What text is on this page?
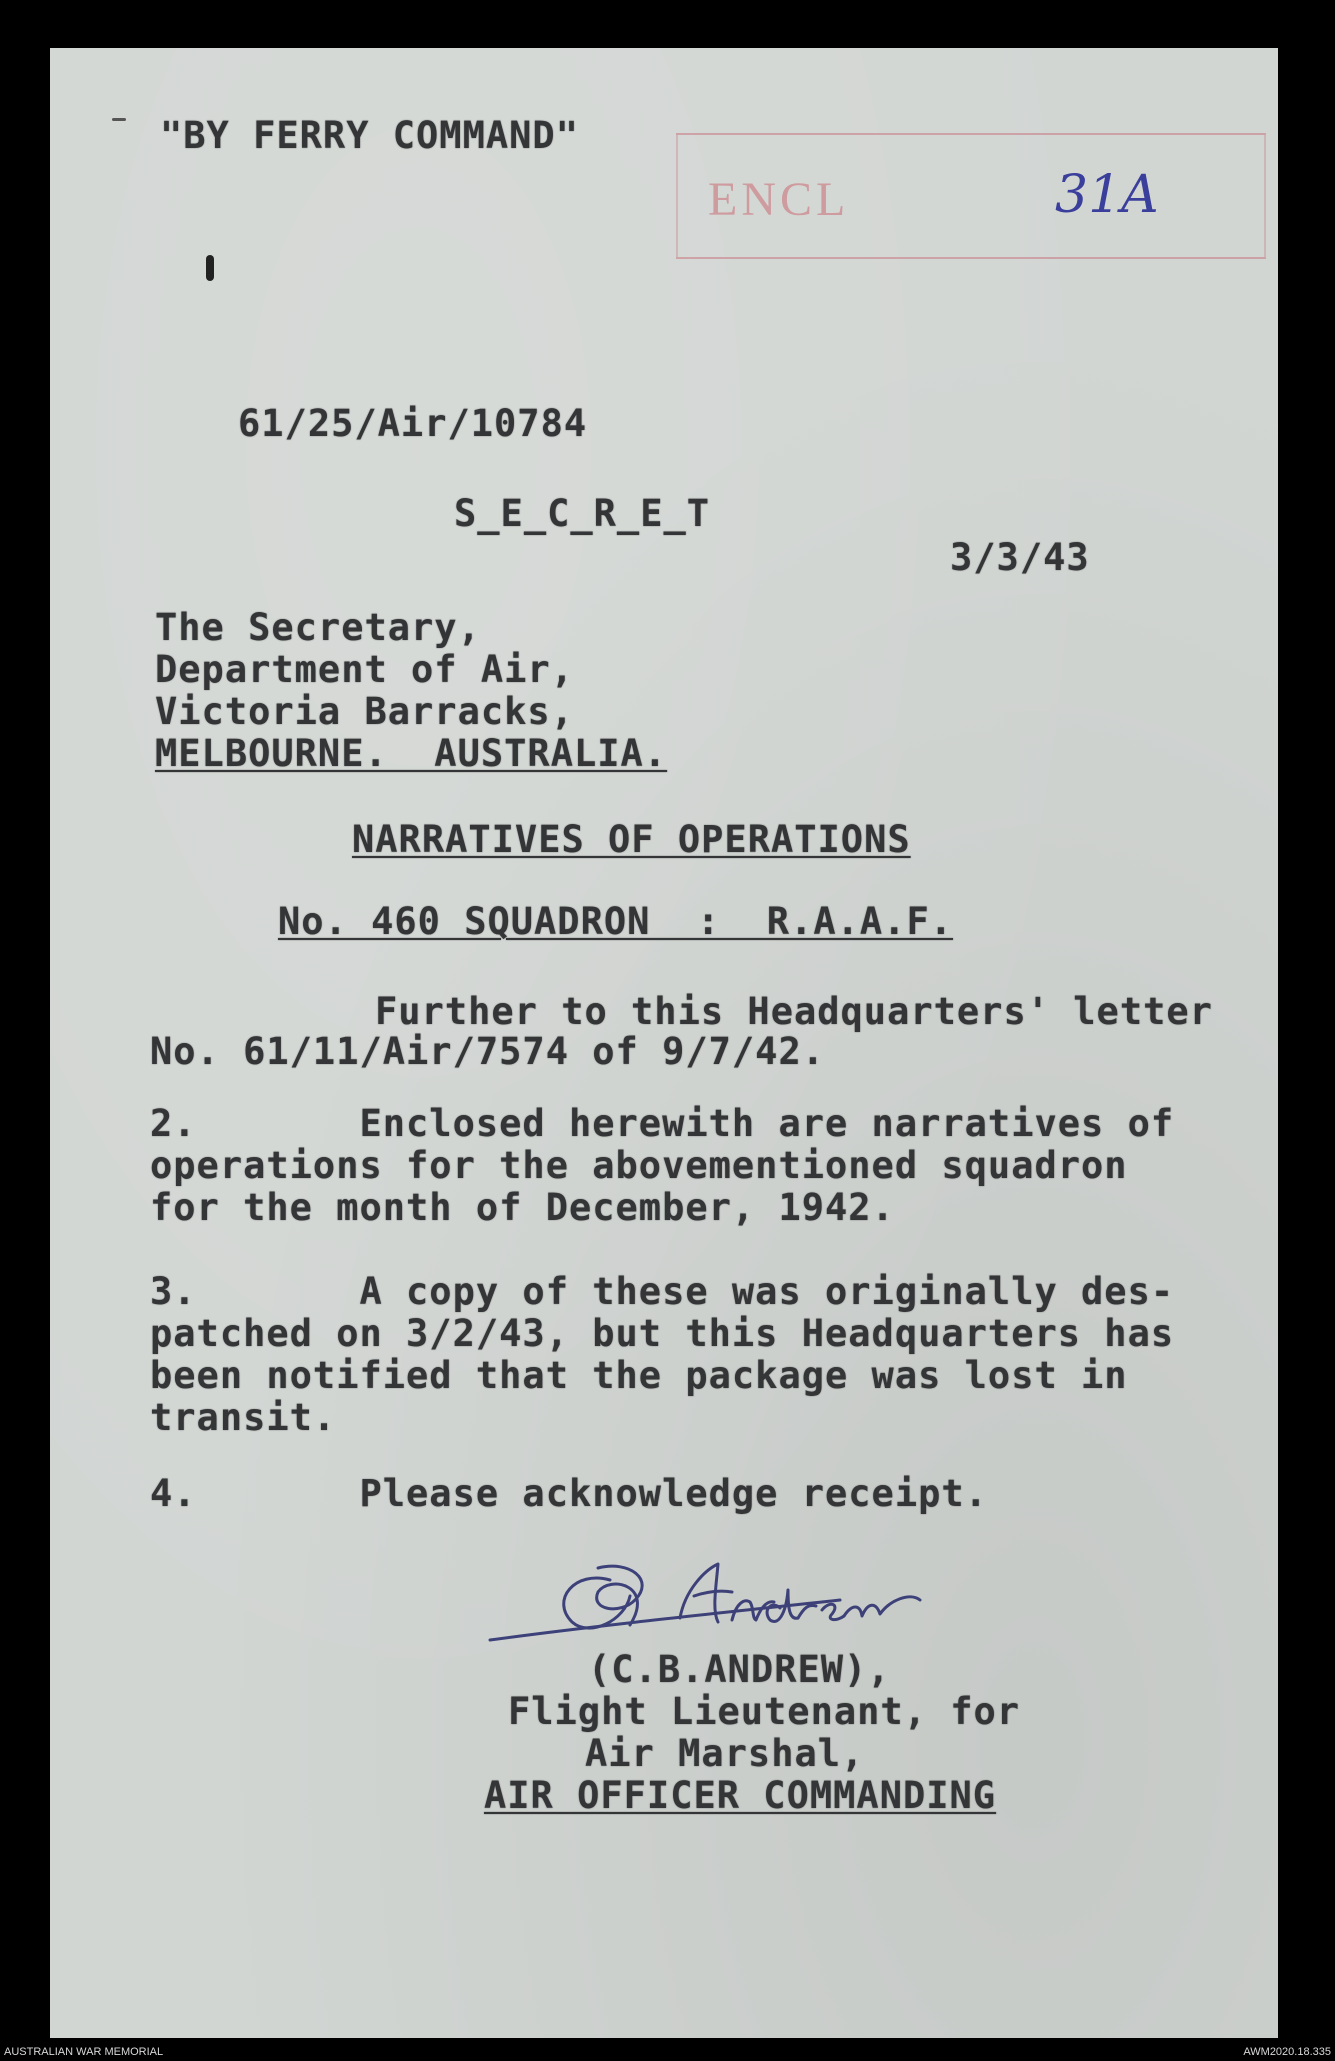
ENCL	31A

"BY FERRY COMMAND"

61/25/Air/10784

S_E_C_R_E_T

3/3/43

The Secretary,

Department of Air,

Victoria Barracks,

MELBOURNE.  AUSTRALIA.

NARRATIVES OF OPERATIONS

No. 460 SQUADRON  :  R.A.A.F.

Further to this Headquarters' letter

No. 61/11/Air/7574 of 9/7/42.

2.       Enclosed herewith are narratives of

operations for the abovementioned squadron

for the month of December, 1942.

3.       A copy of these was originally des-

patched on 3/2/43, but this Headquarters has

been notified that the package was lost in

transit.

4.       Please acknowledge receipt.

(C.B.ANDREW),

Flight Lieutenant, for

Air Marshal,

AIR OFFICER COMMANDING

AUSTRALIAN WAR MEMORIAL	AWM2020.18.335
